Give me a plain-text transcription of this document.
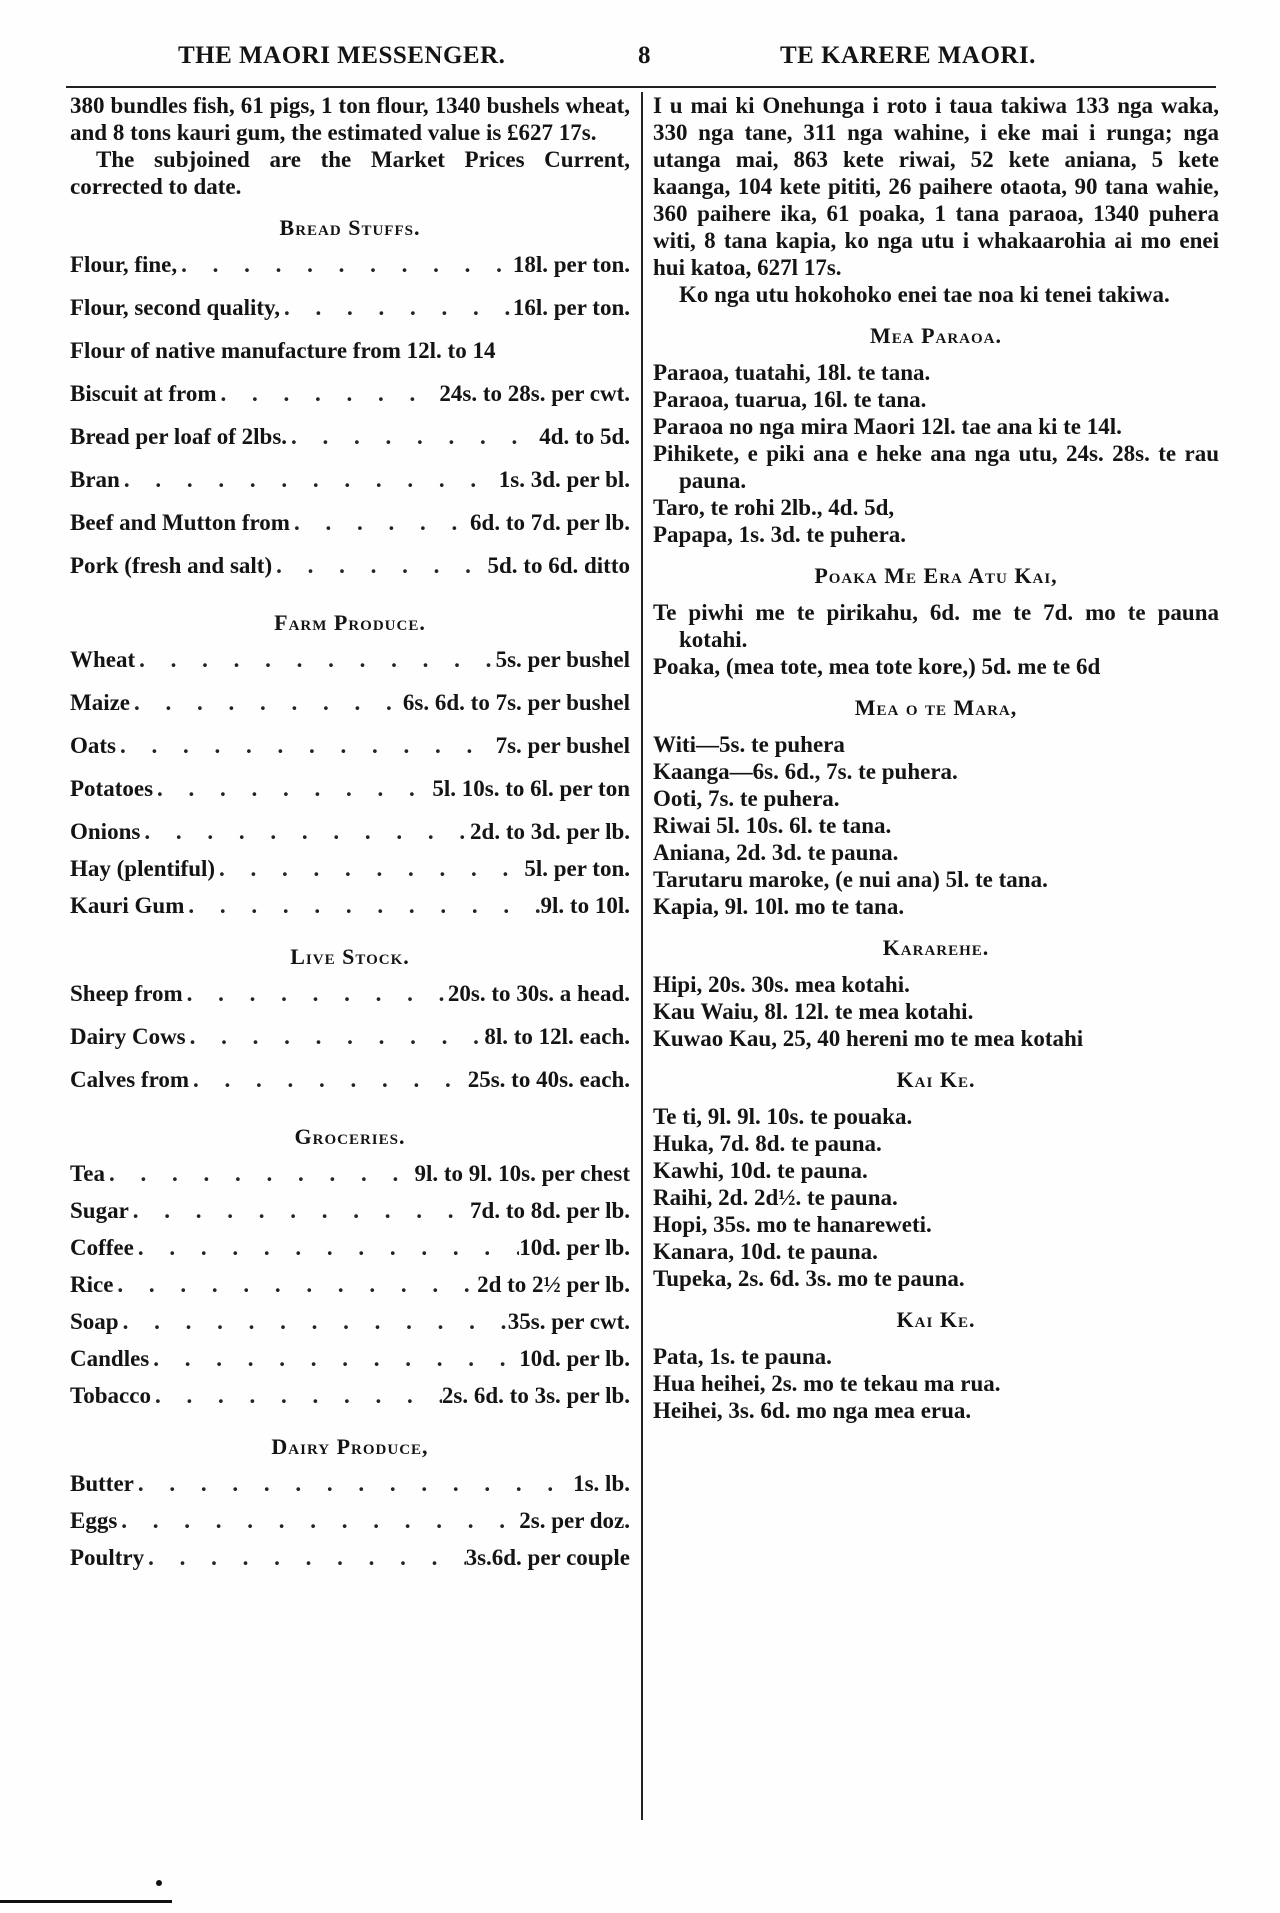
THE MAORI MESSENGER.	8	TE KARERE MAORI.

380 bundles fish, 61 pigs, 1 ton flour, 1340 bushels wheat, and 8 tons kauri gum, the estimated value is £627 17s.

The subjoined are the Market Prices Current, corrected to date.

Bread Stuffs.
Flour, fine, . . .	18l. per ton.
Flour, second quality, . . .	16l. per ton.
Flour of native manufacture from 12l. to 14
Biscuit at from . . .	24s. to 28s. per cwt.
Bread per loaf of 2lbs. . . .	4d. to 5d.
Bran . . .	1s. 3d. per bl.
Beef and Mutton from . . .	6d. to 7d. per lb.
Pork (fresh and salt) . . .	5d. to 6d. ditto
Farm Produce.
Wheat . . .	5s. per bushel
Maize . . .	6s. 6d. to 7s. per bushel
Oats . . .	7s. per bushel
Potatoes . . .	5l. 10s. to 6l. per ton
Onions . . .	2d. to 3d. per lb.
Hay (plentiful) . . .	5l. per ton.
Kauri Gum . . .	9l. to 10l.
Live Stock.
Sheep from . . .	20s. to 30s. a head.
Dairy Cows . . .	8l. to 12l. each.
Calves from . . .	25s. to 40s. each.
Groceries.
Tea . . .	9l. to 9l. 10s. per chest
Sugar . . .	7d. to 8d. per lb.
Coffee . . .	10d. per lb.
Rice . . .	2d to 2½ per lb.
Soap . . .	35s. per cwt.
Candles . . .	10d. per lb.
Tobacco . . .	2s. 6d. to 3s. per lb.
Dairy Produce,
Butter . . .	1s. lb.
Eggs . . .	2s. per doz.
Poultry . . .	3s.6d. per couple

I u mai ki Onehunga i roto i taua takiwa 133 nga waka, 330 nga tane, 311 nga wahine, i eke mai i runga; nga utanga mai, 863 kete riwai, 52 kete aniana, 5 kete kaanga, 104 kete pititi, 26 paihere otaota, 90 tana wahie, 360 paihere ika, 61 poaka, 1 tana paraoa, 1340 puhera witi, 8 tana kapia, ko nga utu i whakaarohia ai mo enei hui katoa, 627l 17s.

Ko nga utu hokohoko enei tae noa ki tenei takiwa.

Mea Paraoa.

Paraoa, tuatahi, 18l. te tana.

Paraoa, tuarua, 16l. te tana.

Paraoa no nga mira Maori 12l. tae ana ki te 14l.

Pihikete, e piki ana e heke ana nga utu, 24s. 28s. te rau pauna.

Taro, te rohi 2lb., 4d. 5d,

Papapa, 1s. 3d. te puhera.

Poaka Me Era Atu Kai,

Te piwhi me te pirikahu, 6d. me te 7d. mo te pauna kotahi.

Poaka, (mea tote, mea tote kore,) 5d. me te 6d

Mea o te Mara,

Witi—5s. te puhera

Kaanga—6s. 6d., 7s. te puhera.

Ooti, 7s. te puhera.

Riwai 5l. 10s. 6l. te tana.

Aniana, 2d. 3d. te pauna.

Tarutaru maroke, (e nui ana) 5l. te tana.

Kapia, 9l. 10l. mo te tana.

Kararehe.

Hipi, 20s. 30s. mea kotahi.

Kau Waiu, 8l. 12l. te mea kotahi.

Kuwao Kau, 25, 40 hereni mo te mea kotahi

Kai Ke.

Te ti, 9l. 9l. 10s. te pouaka.

Huka, 7d. 8d. te pauna.

Kawhi, 10d. te pauna.

Raihi, 2d. 2d½. te pauna.

Hopi, 35s. mo te hanareweti.

Kanara, 10d. te pauna.

Tupeka, 2s. 6d. 3s. mo te pauna.

Kai Ke.

Pata, 1s. te pauna.

Hua heihei, 2s. mo te tekau ma rua.

Heihei, 3s. 6d. mo nga mea erua.
